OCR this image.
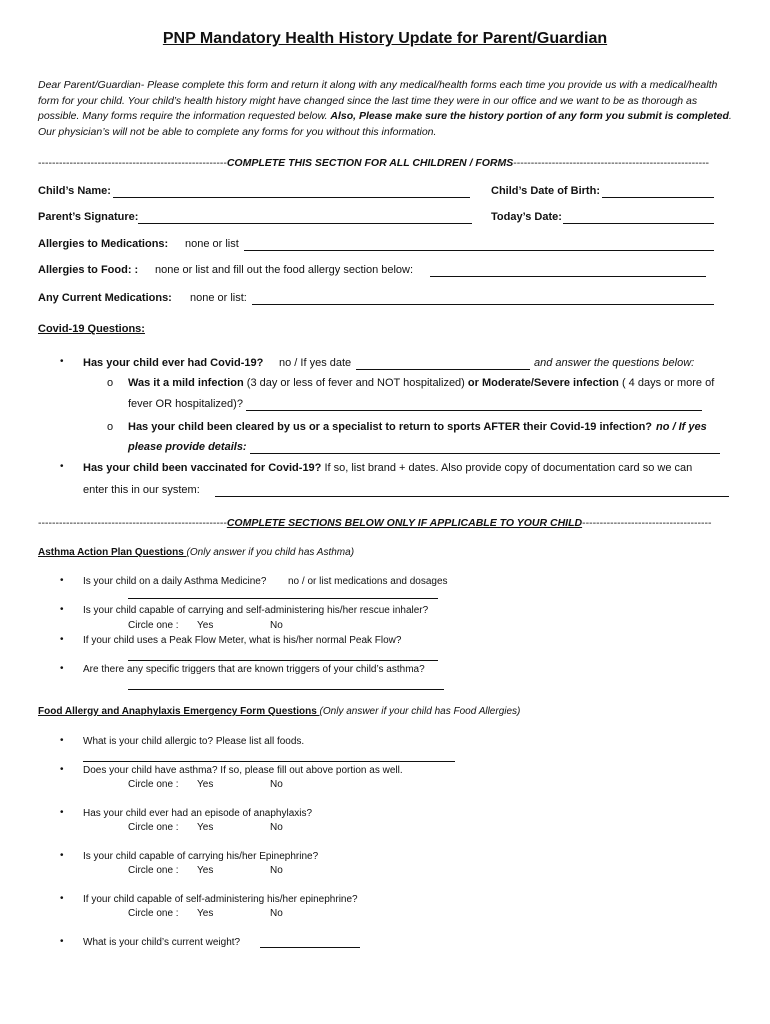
PNP Mandatory Health History Update for Parent/Guardian
Dear Parent/Guardian- Please complete this form and return it along with any medical/health forms each time you provide us with a medical/health form for your child. Your child’s health history might have changed since the last time they were in our office and we want to be as thorough as possible. Many forms require the information requested below. Also, Please make sure the history portion of any form you submit is completed. Our physician’s will not be able to complete any forms for you without this information.
------------------------------------------------------COMPLETE THIS SECTION FOR ALL CHILDREN / FORMS--------------------------------------------------------
Child’s Name:	Child’s Date of Birth:
Parent’s Signature:	Today’s Date:
Allergies to Medications: none or list
Allergies to Food: : none or list and fill out the food allergy section below:
Any Current Medications: none or list:
Covid-19 Questions:
• Has your child ever had Covid-19? no / If yes date	and answer the questions below:
o Was it a mild infection (3 day or less of fever and NOT hospitalized) or Moderate/Severe infection ( 4 days or more of
fever OR hospitalized)?
o Has your child been cleared by us or a specialist to return to sports AFTER their Covid-19 infection? no / If yes
please provide details:
• Has your child been vaccinated for Covid-19? If so, list brand + dates. Also provide copy of documentation card so we can
enter this in our system:
------------------------------------------------------COMPLETE SECTIONS BELOW ONLY IF APPLICABLE TO YOUR CHILD-------------------------------------
Asthma Action Plan Questions (Only answer if you child has Asthma)
• Is your child on a daily Asthma Medicine? no / or list medications and dosages
• Is your child capable of carrying and self-administering his/her rescue inhaler?
Circle one : Yes	No
• If your child uses a Peak Flow Meter, what is his/her normal Peak Flow?
• Are there any specific triggers that are known triggers of your child’s asthma?
Food Allergy and Anaphylaxis Emergency Form Questions (Only answer if your child has Food Allergies)
• What is your child allergic to? Please list all foods.
• Does your child have asthma? If so, please fill out above portion as well.
Circle one : Yes	No
• Has your child ever had an episode of anaphylaxis?
Circle one : Yes	No
• Is your child capable of carrying his/her Epinephrine?
Circle one : Yes	No
• If your child capable of self-administering his/her epinephrine?
Circle one : Yes	No
• What is your child’s current weight?
